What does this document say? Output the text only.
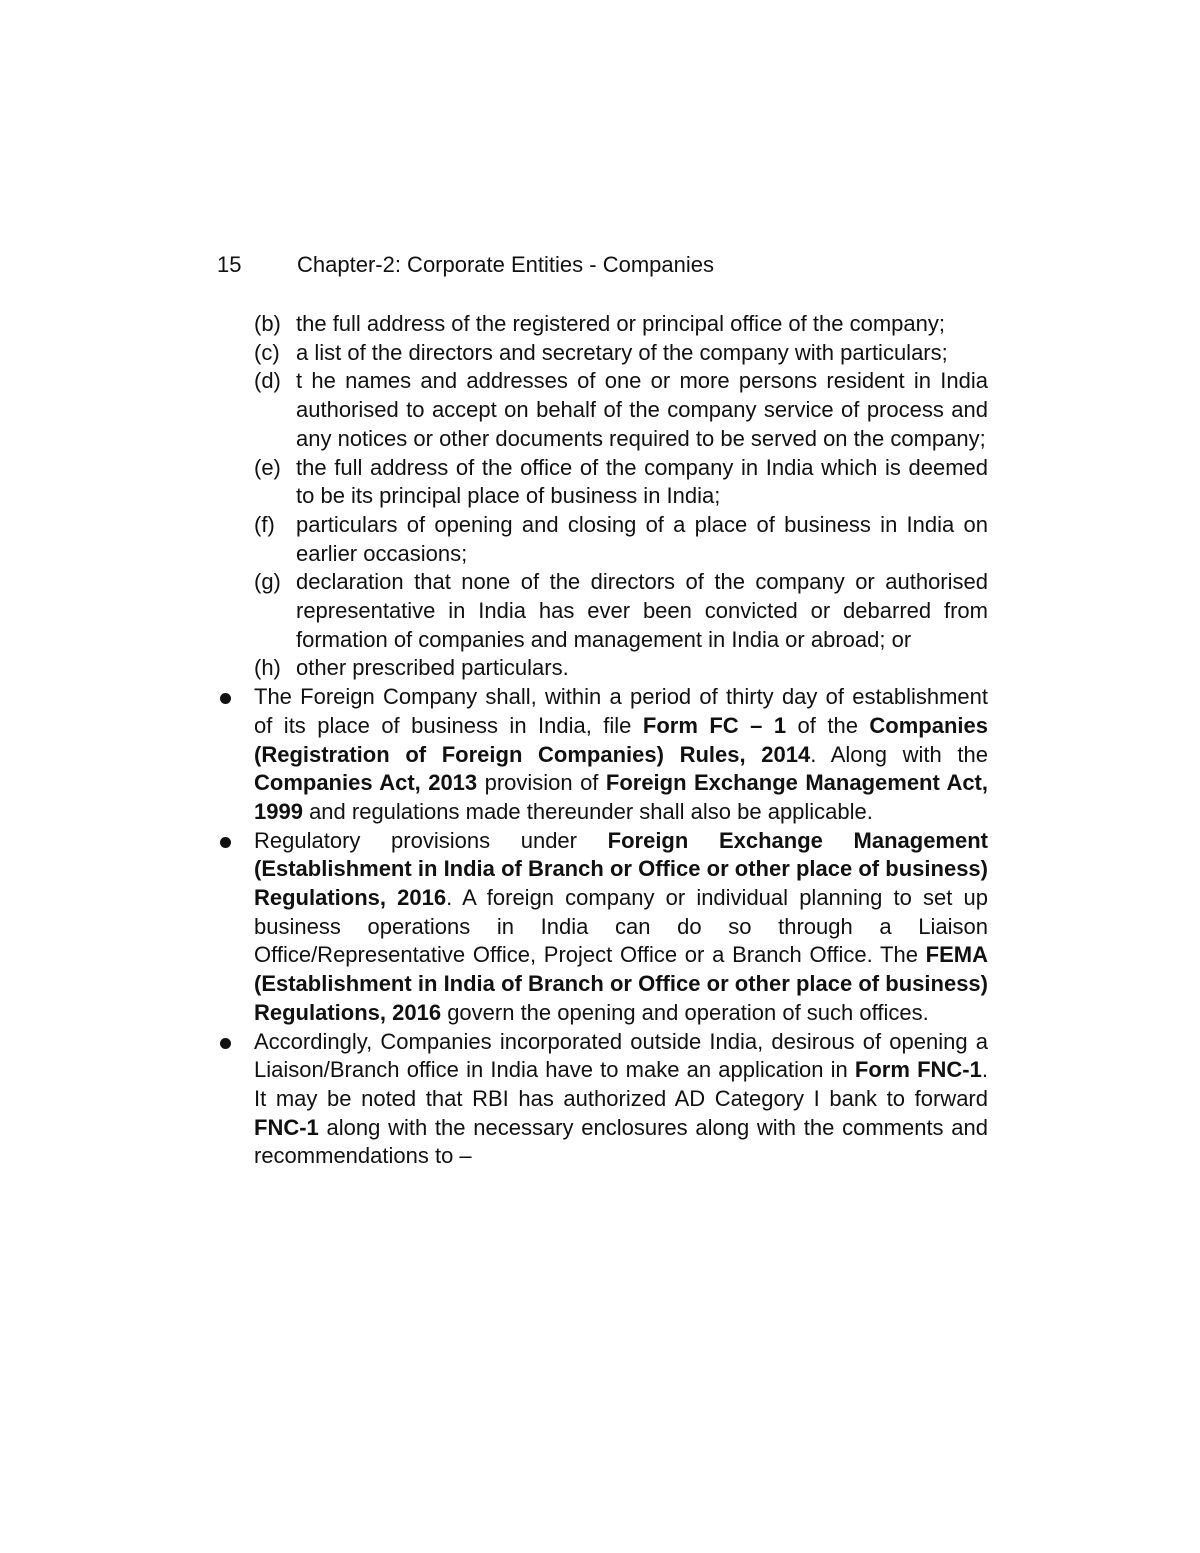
15	Chapter-2: Corporate Entities - Companies
(b) the full address of the registered or principal office of the company;
(c) a list of the directors and secretary of the company with particulars;
(d) t he names and addresses of one or more persons resident in India authorised to accept on behalf of the company service of process and any notices or other documents required to be served on the company;
(e) the full address of the office of the company in India which is deemed to be its principal place of business in India;
(f) particulars of opening and closing of a place of business in India on earlier occasions;
(g) declaration that none of the directors of the company or authorised representative in India has ever been convicted or debarred from formation of companies and management in India or abroad; or
(h) other prescribed particulars.
The Foreign Company shall, within a period of thirty day of establishment of its place of business in India, file Form FC – 1 of the Companies (Registration of Foreign Companies) Rules, 2014. Along with the Companies Act, 2013 provision of Foreign Exchange Management Act, 1999 and regulations made thereunder shall also be applicable.
Regulatory provisions under Foreign Exchange Management (Establishment in India of Branch or Office or other place of business) Regulations, 2016. A foreign company or individual planning to set up business operations in India can do so through a Liaison Office/Representative Office, Project Office or a Branch Office. The FEMA (Establishment in India of Branch or Office or other place of business) Regulations, 2016 govern the opening and operation of such offices.
Accordingly, Companies incorporated outside India, desirous of opening a Liaison/Branch office in India have to make an application in Form FNC-1. It may be noted that RBI has authorized AD Category I bank to forward FNC-1 along with the necessary enclosures along with the comments and recommendations to –
